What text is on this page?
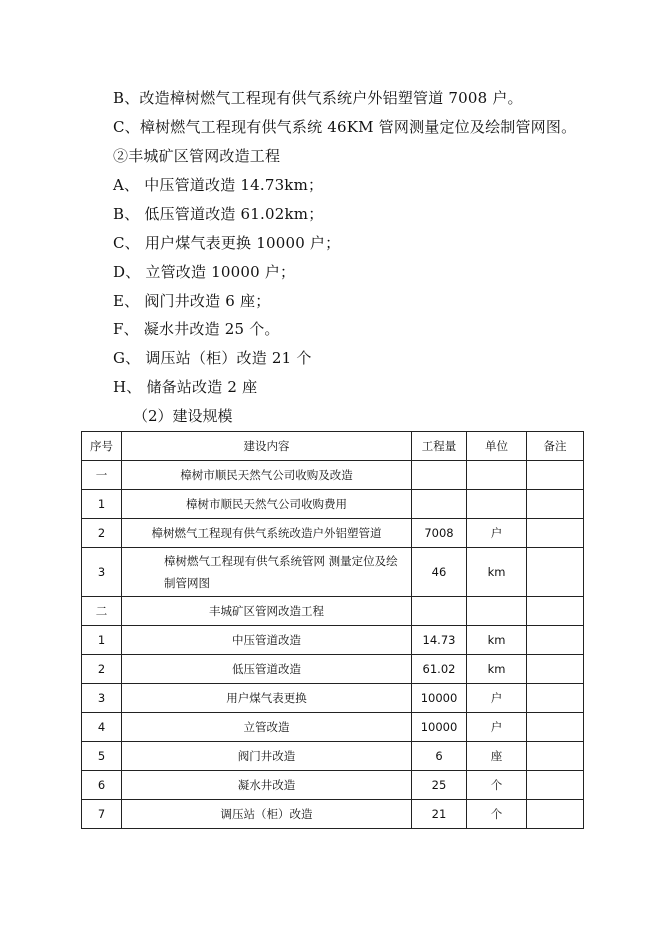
B、改造樟树燃气工程现有供气系统户外铝塑管道 7008 户。
C、樟树燃气工程现有供气系统 46KM 管网测量定位及绘制管网图。
②丰城矿区管网改造工程
A、 中压管道改造 14.73km；
B、 低压管道改造 61.02km；
C、 用户煤气表更换 10000 户；
D、 立管改造 10000 户；
E、 阀门井改造 6 座；
F、 凝水井改造 25 个。
G、 调压站（柜）改造 21 个
H、 储备站改造 2 座
（2）建设规模
序号	建设内容	工程量	单位	备注
一	樟树市顺民天然气公司收购及改造			
1	樟树市顺民天然气公司收购费用			
2	樟树燃气工程现有供气系统改造户外铝塑管道	7008	户	
3	樟树燃气工程现有供气系统管网 测量定位及绘制管网图	46	km	
二	丰城矿区管网改造工程			
1	中压管道改造	14.73	km	
2	低压管道改造	61.02	km	
3	用户煤气表更换	10000	户	
4	立管改造	10000	户	
5	阀门井改造	6	座	
6	凝水井改造	25	个	
7	调压站（柜）改造	21	个	
